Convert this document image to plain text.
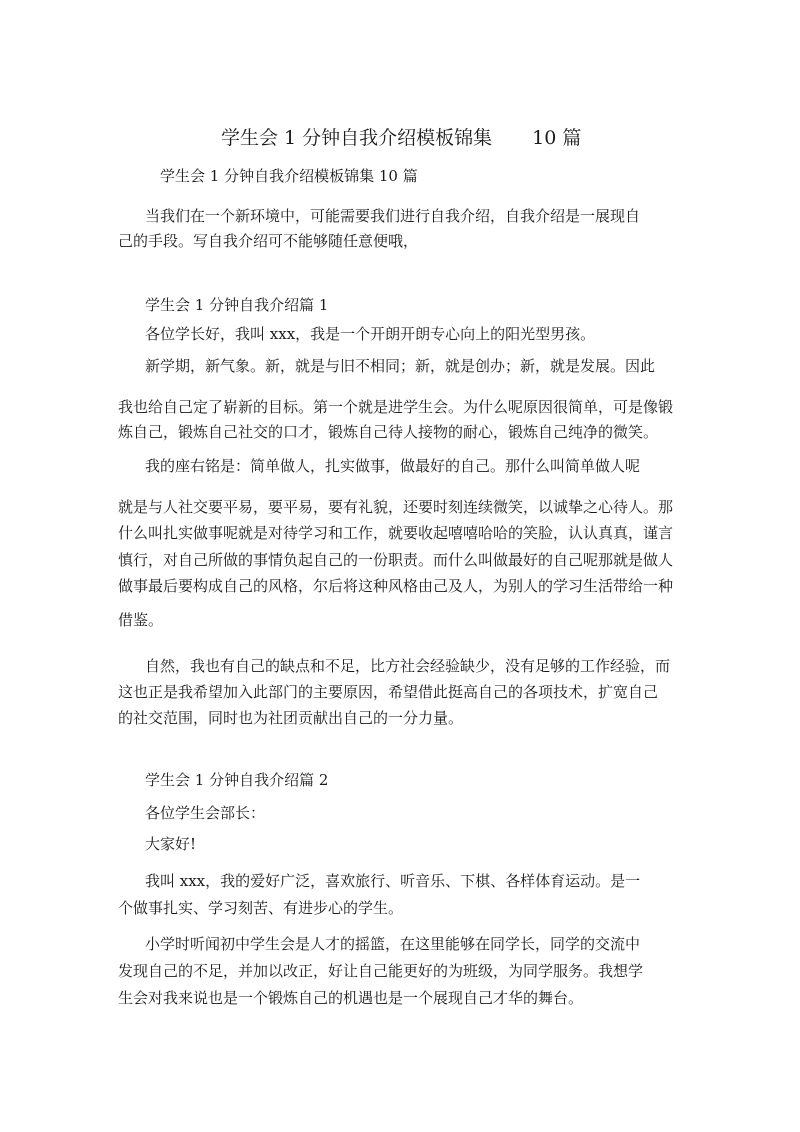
学生会 1 分钟自我介绍模板锦集 10 篇
学生会 1 分钟自我介绍模板锦集 10 篇
当我们在一个新环境中，可能需要我们进行自我介绍，自我介绍是一展现自
己的手段。写自我介绍可不能够随任意便哦，
学生会 1 分钟自我介绍篇 1
各位学长好，我叫 xxx，我是一个开朗开朗专心向上的阳光型男孩。
新学期，新气象。新，就是与旧不相同；新，就是创办；新，就是发展。因此
我也给自己定了崭新的目标。第一个就是进学生会。为什么呢原因很简单，可是像锻
炼自己，锻炼自己社交的口才，锻炼自己待人接物的耐心，锻炼自己纯净的微笑。
我的座右铭是：简单做人，扎实做事，做最好的自己。那什么叫简单做人呢
就是与人社交要平易，要平易，要有礼貌，还要时刻连续微笑，以诚挚之心待人。那
什么叫扎实做事呢就是对待学习和工作，就要收起嘻嘻哈哈的笑脸，认认真真，谨言
慎行，对自己所做的事情负起自己的一份职责。而什么叫做最好的自己呢那就是做人
做事最后要构成自己的风格，尔后将这种风格由己及人，为别人的学习生活带给一种
借鉴。
自然，我也有自己的缺点和不足，比方社会经验缺少，没有足够的工作经验，而
这也正是我希望加入此部门的主要原因，希望借此挺高自己的各项技术，扩宽自己
的社交范围，同时也为社团贡献出自己的一分力量。
学生会 1 分钟自我介绍篇 2
各位学生会部长：
大家好!
我叫 xxx，我的爱好广泛，喜欢旅行、听音乐、下棋、各样体育运动。是一
个做事扎实、学习刻苦、有进步心的学生。
小学时听闻初中学生会是人才的摇篮，在这里能够在同学长，同学的交流中
发现自己的不足，并加以改正，好让自己能更好的为班级，为同学服务。我想学
生会对我来说也是一个锻炼自己的机遇也是一个展现自己才华的舞台。
